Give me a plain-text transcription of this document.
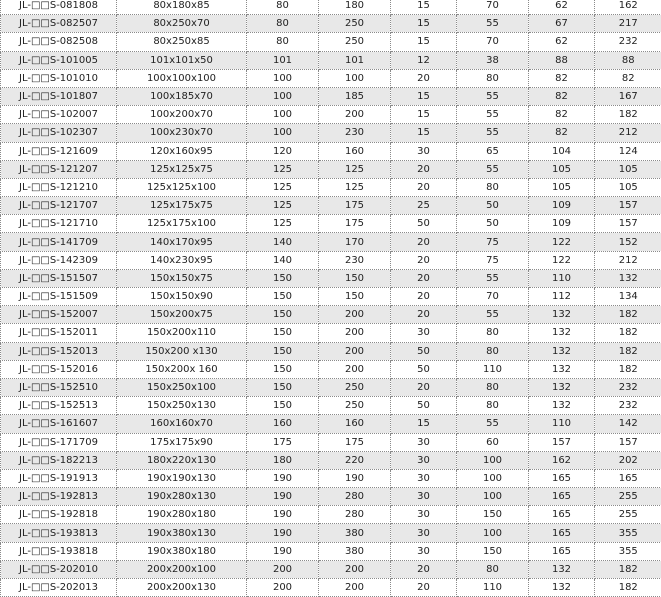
JL-□□S-081808	80x180x85	80	180	15	70	62	162
JL-□□S-082507	80x250x70	80	250	15	55	67	217
JL-□□S-082508	80x250x85	80	250	15	70	62	232
JL-□□S-101005	101x101x50	101	101	12	38	88	88
JL-□□S-101010	100x100x100	100	100	20	80	82	82
JL-□□S-101807	100x185x70	100	185	15	55	82	167
JL-□□S-102007	100x200x70	100	200	15	55	82	182
JL-□□S-102307	100x230x70	100	230	15	55	82	212
JL-□□S-121609	120x160x95	120	160	30	65	104	124
JL-□□S-121207	125x125x75	125	125	20	55	105	105
JL-□□S-121210	125x125x100	125	125	20	80	105	105
JL-□□S-121707	125x175x75	125	175	25	50	109	157
JL-□□S-121710	125x175x100	125	175	50	50	109	157
JL-□□S-141709	140x170x95	140	170	20	75	122	152
JL-□□S-142309	140x230x95	140	230	20	75	122	212
JL-□□S-151507	150x150x75	150	150	20	55	110	132
JL-□□S-151509	150x150x90	150	150	20	70	112	134
JL-□□S-152007	150x200x75	150	200	20	55	132	182
JL-□□S-152011	150x200x110	150	200	30	80	132	182
JL-□□S-152013	150x200 x130	150	200	50	80	132	182
JL-□□S-152016	150x200x 160	150	200	50	110	132	182
JL-□□S-152510	150x250x100	150	250	20	80	132	232
JL-□□S-152513	150x250x130	150	250	50	80	132	232
JL-□□S-161607	160x160x70	160	160	15	55	110	142
JL-□□S-171709	175x175x90	175	175	30	60	157	157
JL-□□S-182213	180x220x130	180	220	30	100	162	202
JL-□□S-191913	190x190x130	190	190	30	100	165	165
JL-□□S-192813	190x280x130	190	280	30	100	165	255
JL-□□S-192818	190x280x180	190	280	30	150	165	255
JL-□□S-193813	190x380x130	190	380	30	100	165	355
JL-□□S-193818	190x380x180	190	380	30	150	165	355
JL-□□S-202010	200x200x100	200	200	20	80	132	182
JL-□□S-202013	200x200x130	200	200	20	110	132	182
